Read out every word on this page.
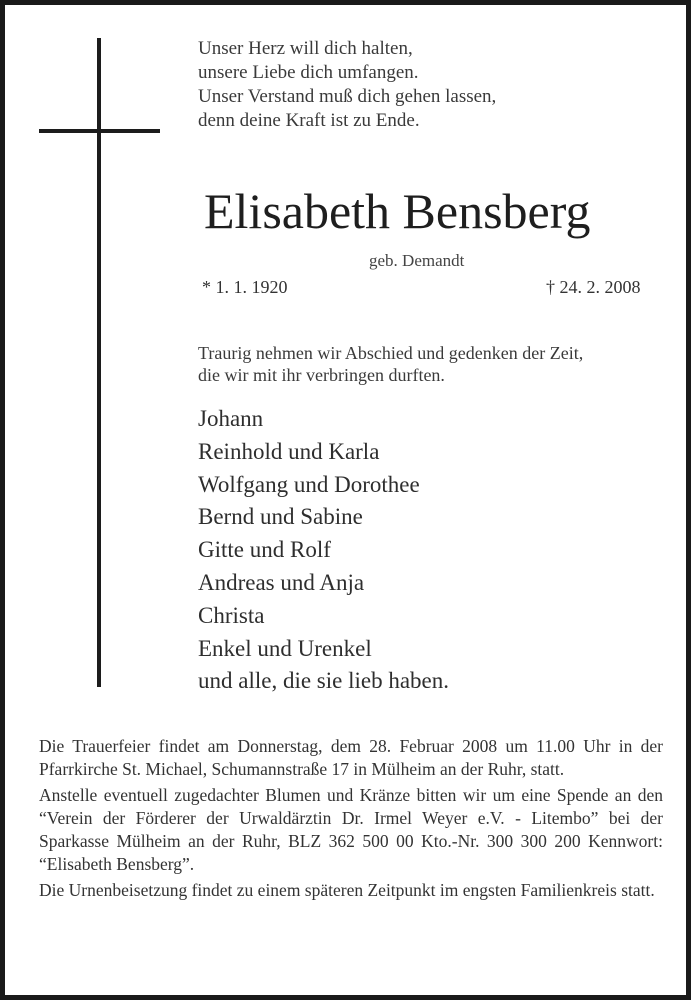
Unser Herz will dich halten,
unsere Liebe dich umfangen.
Unser Verstand muß dich gehen lassen,
denn deine Kraft ist zu Ende.
Elisabeth Bensberg
geb. Demandt
* 1. 1. 1920	† 24. 2. 2008
Traurig nehmen wir Abschied und gedenken der Zeit,
die wir mit ihr verbringen durften.
Johann
Reinhold und Karla
Wolfgang und Dorothee
Bernd und Sabine
Gitte und Rolf
Andreas und Anja
Christa
Enkel und Urenkel
und alle, die sie lieb haben.

Die Trauerfeier findet am Donnerstag, dem 28. Februar 2008 um 11.00 Uhr in der Pfarrkirche St. Michael, Schumannstraße 17 in Mülheim an der Ruhr, statt.

Anstelle eventuell zugedachter Blumen und Kränze bitten wir um eine Spende an den “Verein der Förderer der Urwaldärztin Dr. Irmel Weyer e.V. - Litembo” bei der Sparkasse Mülheim an der Ruhr, BLZ 362 500 00 Kto.-Nr. 300 300 200 Kennwort: “Elisabeth Bensberg”.

Die Urnenbeisetzung findet zu einem späteren Zeitpunkt im engsten Familienkreis statt.
